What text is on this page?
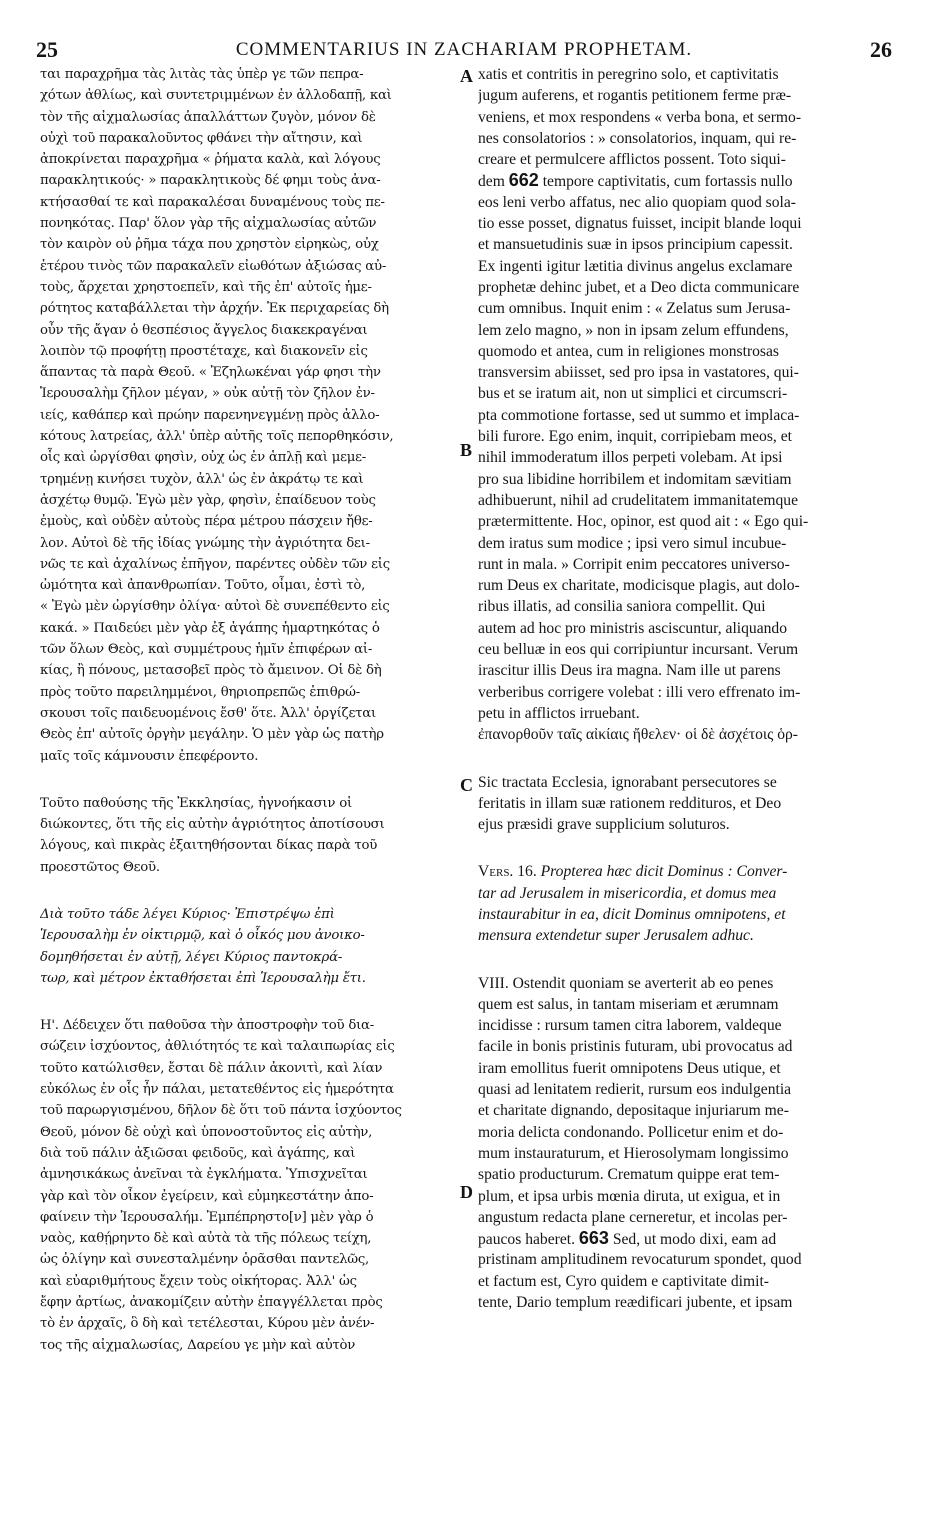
25	COMMENTARIUS IN ZACHARIAM PROPHETAM.	26
A
B
C
D
ται παραχρῆμα τὰς λιτὰς τὰς ὑπὲρ γε τῶν πεπρα-
χότων ἀθλίως, καὶ συντετριμμένων ἐν ἀλλοδαπῇ, καὶ
τὸν τῆς αἰχμαλωσίας ἀπαλλάττων ζυγὸν, μόνον δὲ
οὐχὶ τοῦ παρακαλοῦντος φθάνει τὴν αἴτησιν, καὶ
ἀποκρίνεται παραχρῆμα « ῥήματα καλὰ, καὶ λόγους
παρακλητικούς· » παρακλητικοὺς δέ φημι τοὺς ἀνα-
κτήσασθαί τε καὶ παρακαλέσαι δυναμένους τοὺς πε-
πονηκότας. Παρ' ὅλον γὰρ τῆς αἰχμαλωσίας αὐτῶν
τὸν καιρὸν οὐ ῥῆμα τάχα που χρηστὸν εἰρηκὼς, οὐχ
ἑτέρου τινὸς τῶν παρακαλεῖν εἰωθότων ἀξιώσας αὐ-
τοὺς, ἄρχεται χρηστοεπεῖν, καὶ τῆς ἐπ' αὐτοῖς ἡμε-
ρότητος καταβάλλεται τὴν ἀρχήν. Ἐκ περιχαρείας δὴ
οὖν τῆς ἄγαν ὁ θεσπέσιος ἄγγελος διακεκραγέναι
λοιπὸν τῷ προφήτῃ προστέταχε, καὶ διακονεῖν εἰς
ἅπαντας τὰ παρὰ Θεοῦ. « Ἐζηλωκέναι γάρ φησι τὴν
Ἱερουσαλὴμ ζῆλον μέγαν, » οὐκ αὐτῇ τὸν ζῆλον ἐν-
ιείς, καθάπερ καὶ πρώην παρενηνεγμένῃ πρὸς ἀλλο-
κότους λατρείας, ἀλλ' ὑπὲρ αὐτῆς τοῖς πεπορθηκόσιν,
οἷς καὶ ὠργίσθαι φησὶν, οὐχ ὡς ἐν ἁπλῇ καὶ μεμε-
τρημένῃ κινήσει τυχὸν, ἀλλ' ὡς ἐν ἀκράτῳ τε καὶ
ἀσχέτῳ θυμῷ. Ἐγὼ μὲν γὰρ, φησὶν, ἐπαίδευον τοὺς
ἐμοὺς, καὶ οὐδὲν αὐτοὺς πέρα μέτρου πάσχειν ἤθε-
λον. Αὐτοὶ δὲ τῆς ἰδίας γνώμης τὴν ἀγριότητα δει-
νῶς τε καὶ ἀχαλίνως ἐπῆγον, παρέντες οὐδὲν τῶν εἰς
ὠμότητα καὶ ἀπανθρωπίαν. Τοῦτο, οἶμαι, ἐστὶ τὸ,
« Ἐγὼ μὲν ὠργίσθην ὀλίγα· αὐτοὶ δὲ συνεπέθεντο εἰς
κακά. » Παιδεύει μὲν γὰρ ἐξ ἀγάπης ἡμαρτηκότας ὁ
τῶν ὅλων Θεὸς, καὶ συμμέτρους ἡμῖν ἐπιφέρων αἰ-
κίας, ἢ πόνους, μετασοβεῖ πρὸς τὸ ἄμεινον. Οἱ δὲ δὴ
πρὸς τοῦτο παρειλημμένοι, θηριοπρεπῶς ἐπιθρώ-
σκουσι τοῖς παιδευομένοις ἔσθ' ὅτε. Ἀλλ' ὀργίζεται
Θεὸς ἐπ' αὐτοῖς ὀργὴν μεγάλην. Ὁ μὲν γὰρ ὡς πατὴρ
μαῖς τοῖς κάμνουσιν ἐπεφέροντο.
Τοῦτο παθούσης τῆς Ἐκκλησίας, ἠγνοήκασιν οἱ
διώκοντες, ὅτι τῆς εἰς αὐτὴν ἀγριότητος ἀποτίσουσι
λόγους, καὶ πικρὰς ἐξαιτηθήσονται δίκας παρὰ τοῦ
προεστῶτος Θεοῦ.
Διὰ τοῦτο τάδε λέγει Κύριος· Ἐπιστρέψω ἐπὶ
Ἱερουσαλὴμ ἐν οἰκτιρμῷ, καὶ ὁ οἶκός μου ἀνοικο-
δομηθήσεται ἐν αὐτῇ, λέγει Κύριος παντοκρά-
τωρ, καὶ μέτρον ἐκταθήσεται ἐπὶ Ἱερουσαλὴμ ἔτι.
Η'. Δέδειχεν ὅτι παθοῦσα τὴν ἀποστροφὴν τοῦ δια-
σώζειν ἰσχύοντος, ἀθλιότητός τε καὶ ταλαιπωρίας εἰς
τοῦτο κατώλισθεν, ἔσται δὲ πάλιν ἀκονιτὶ, καὶ λίαν
εὐκόλως ἐν οἷς ἦν πάλαι, μετατεθέντος εἰς ἡμερότητα
τοῦ παρωργισμένου, δῆλον δὲ ὅτι τοῦ πάντα ἰσχύοντος
Θεοῦ, μόνον δὲ οὐχὶ καὶ ὑπονοστοῦντος εἰς αὐτὴν,
διὰ τοῦ πάλιν ἀξιῶσαι φειδοῦς, καὶ ἀγάπης, καὶ
ἀμνησικάκως ἀνεῖναι τὰ ἐγκλήματα. Ὑπισχνεῖται
γὰρ καὶ τὸν οἶκον ἐγείρειν, καὶ εὐμηκεστάτην ἀπο-
φαίνειν τὴν Ἱερουσαλήμ. Ἐμπέπρηστο[ν] μὲν γὰρ ὁ
ναὸς, καθῄρηντο δὲ καὶ αὐτὰ τὰ τῆς πόλεως τείχη,
ὡς ὀλίγην καὶ συνεσταλμένην ὁρᾶσθαι παντελῶς,
καὶ εὐαριθμήτους ἔχειν τοὺς οἰκήτορας. Ἀλλ' ὡς
ἔφην ἀρτίως, ἀνακομίζειν αὐτὴν ἐπαγγέλλεται πρὸς
τὸ ἐν ἀρχαῖς, ὃ δὴ καὶ τετέλεσται, Κύρου μὲν ἀνέν-
τος τῆς αἰχμαλωσίας, Δαρείου γε μὴν καὶ αὐτὸν
xatis et contritis in peregrino solo, et captivitatis
jugum auferens, et rogantis petitionem ferme præ-
veniens, et mox respondens « verba bona, et sermo-
nes consolatorios : » consolatorios, inquam, qui re-
creare et permulcere afflictos possent. Toto siqui-
dem 662 tempore captivitatis, cum fortassis nullo
eos leni verbo affatus, nec alio quopiam quod sola-
tio esse posset, dignatus fuisset, incipit blande loqui
et mansuetudinis suæ in ipsos principium capessit.
Ex ingenti igitur lætitia divinus angelus exclamare
prophetæ dehinc jubet, et a Deo dicta communicare
cum omnibus. Inquit enim : « Zelatus sum Jerusa-
lem zelo magno, » non in ipsam zelum effundens,
quomodo et antea, cum in religiones monstrosas
transversim abiisset, sed pro ipsa in vastatores, qui-
bus et se iratum ait, non ut simplici et circumscri-
pta commotione fortasse, sed ut summo et implaca-
bili furore. Ego enim, inquit, corripiebam meos, et
nihil immoderatum illos perpeti volebam. At ipsi
pro sua libidine horribilem et indomitam sævitiam
adhibuerunt, nihil ad crudelitatem immanitatemque
prætermittente. Hoc, opinor, est quod ait : « Ego qui-
dem iratus sum modice ; ipsi vero simul incubue-
runt in mala. » Corripit enim peccatores universo-
rum Deus ex charitate, modicisque plagis, aut dolo-
ribus illatis, ad consilia saniora compellit. Qui
autem ad hoc pro ministris asciscuntur, aliquando
ceu belluæ in eos qui corripiuntur incursant. Verum
irascitur illis Deus ira magna. Nam ille ut parens
verberibus corrigere volebat : illi vero effrenato im-
petu in afflictos irruebant.
ἐπανορθοῦν ταῖς αἰκίαις ἤθελεν· οἱ δὲ ἀσχέτοις ὁρ-
Sic tractata Ecclesia, ignorabant persecutores se
feritatis in illam suæ rationem reddituros, et Deo
ejus præsidi grave supplicium soluturos.
Vers. 16. Propterea hæc dicit Dominus : Conver-
tar ad Jerusalem in misericordia, et domus mea
instaurabitur in ea, dicit Dominus omnipotens, et
mensura extendetur super Jerusalem adhuc.
VIII. Ostendit quoniam se averterit ab eo penes
quem est salus, in tantam miseriam et ærumnam
incidisse : rursum tamen citra laborem, valdeque
facile in bonis pristinis futuram, ubi provocatus ad
iram emollitus fuerit omnipotens Deus utique, et
quasi ad lenitatem redierit, rursum eos indulgentia
et charitate dignando, depositaque injuriarum me-
moria delicta condonando. Pollicetur enim et do-
mum instauraturum, et Hierosolymam longissimo
spatio producturum. Crematum quippe erat tem-
plum, et ipsa urbis mœnia diruta, ut exigua, et in
angustum redacta plane cerneretur, et incolas per-
paucos haberet. 663 Sed, ut modo dixi, eam ad
pristinam amplitudinem revocaturum spondet, quod
et factum est, Cyro quidem e captivitate dimit-
tente, Dario templum reædificari jubente, et ipsam
